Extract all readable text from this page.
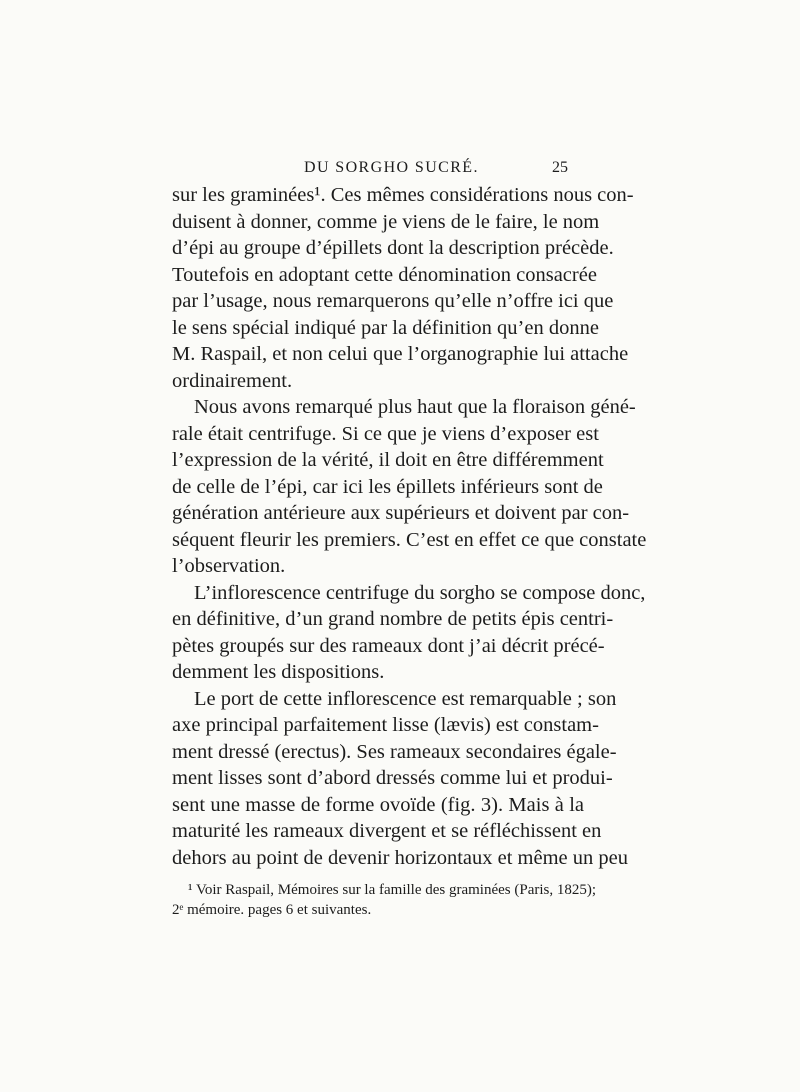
DU SORGHO SUCRÉ.	25
sur les graminées¹. Ces mêmes considérations nous con-
duisent à donner, comme je viens de le faire, le nom
d’épi au groupe d’épillets dont la description précède.
Toutefois en adoptant cette dénomination consacrée
par l’usage, nous remarquerons qu’elle n’offre ici que
le sens spécial indiqué par la définition qu’en donne
M. Raspail, et non celui que l’organographie lui attache
ordinairement.
Nous avons remarqué plus haut que la floraison géné-
rale était centrifuge. Si ce que je viens d’exposer est
l’expression de la vérité, il doit en être différemment
de celle de l’épi, car ici les épillets inférieurs sont de
génération antérieure aux supérieurs et doivent par con-
séquent fleurir les premiers. C’est en effet ce que constate
l’observation.
L’inflorescence centrifuge du sorgho se compose donc,
en définitive, d’un grand nombre de petits épis centri-
pètes groupés sur des rameaux dont j’ai décrit précé-
demment les dispositions.
Le port de cette inflorescence est remarquable ; son
axe principal parfaitement lisse (lævis) est constam-
ment dressé (erectus). Ses rameaux secondaires égale-
ment lisses sont d’abord dressés comme lui et produi-
sent une masse de forme ovoïde (fig. 3). Mais à la
maturité les rameaux divergent et se réfléchissent en
dehors au point de devenir horizontaux et même un peu
¹ Voir Raspail, Mémoires sur la famille des graminées (Paris, 1825);
2ᵉ mémoire. pages 6 et suivantes.
